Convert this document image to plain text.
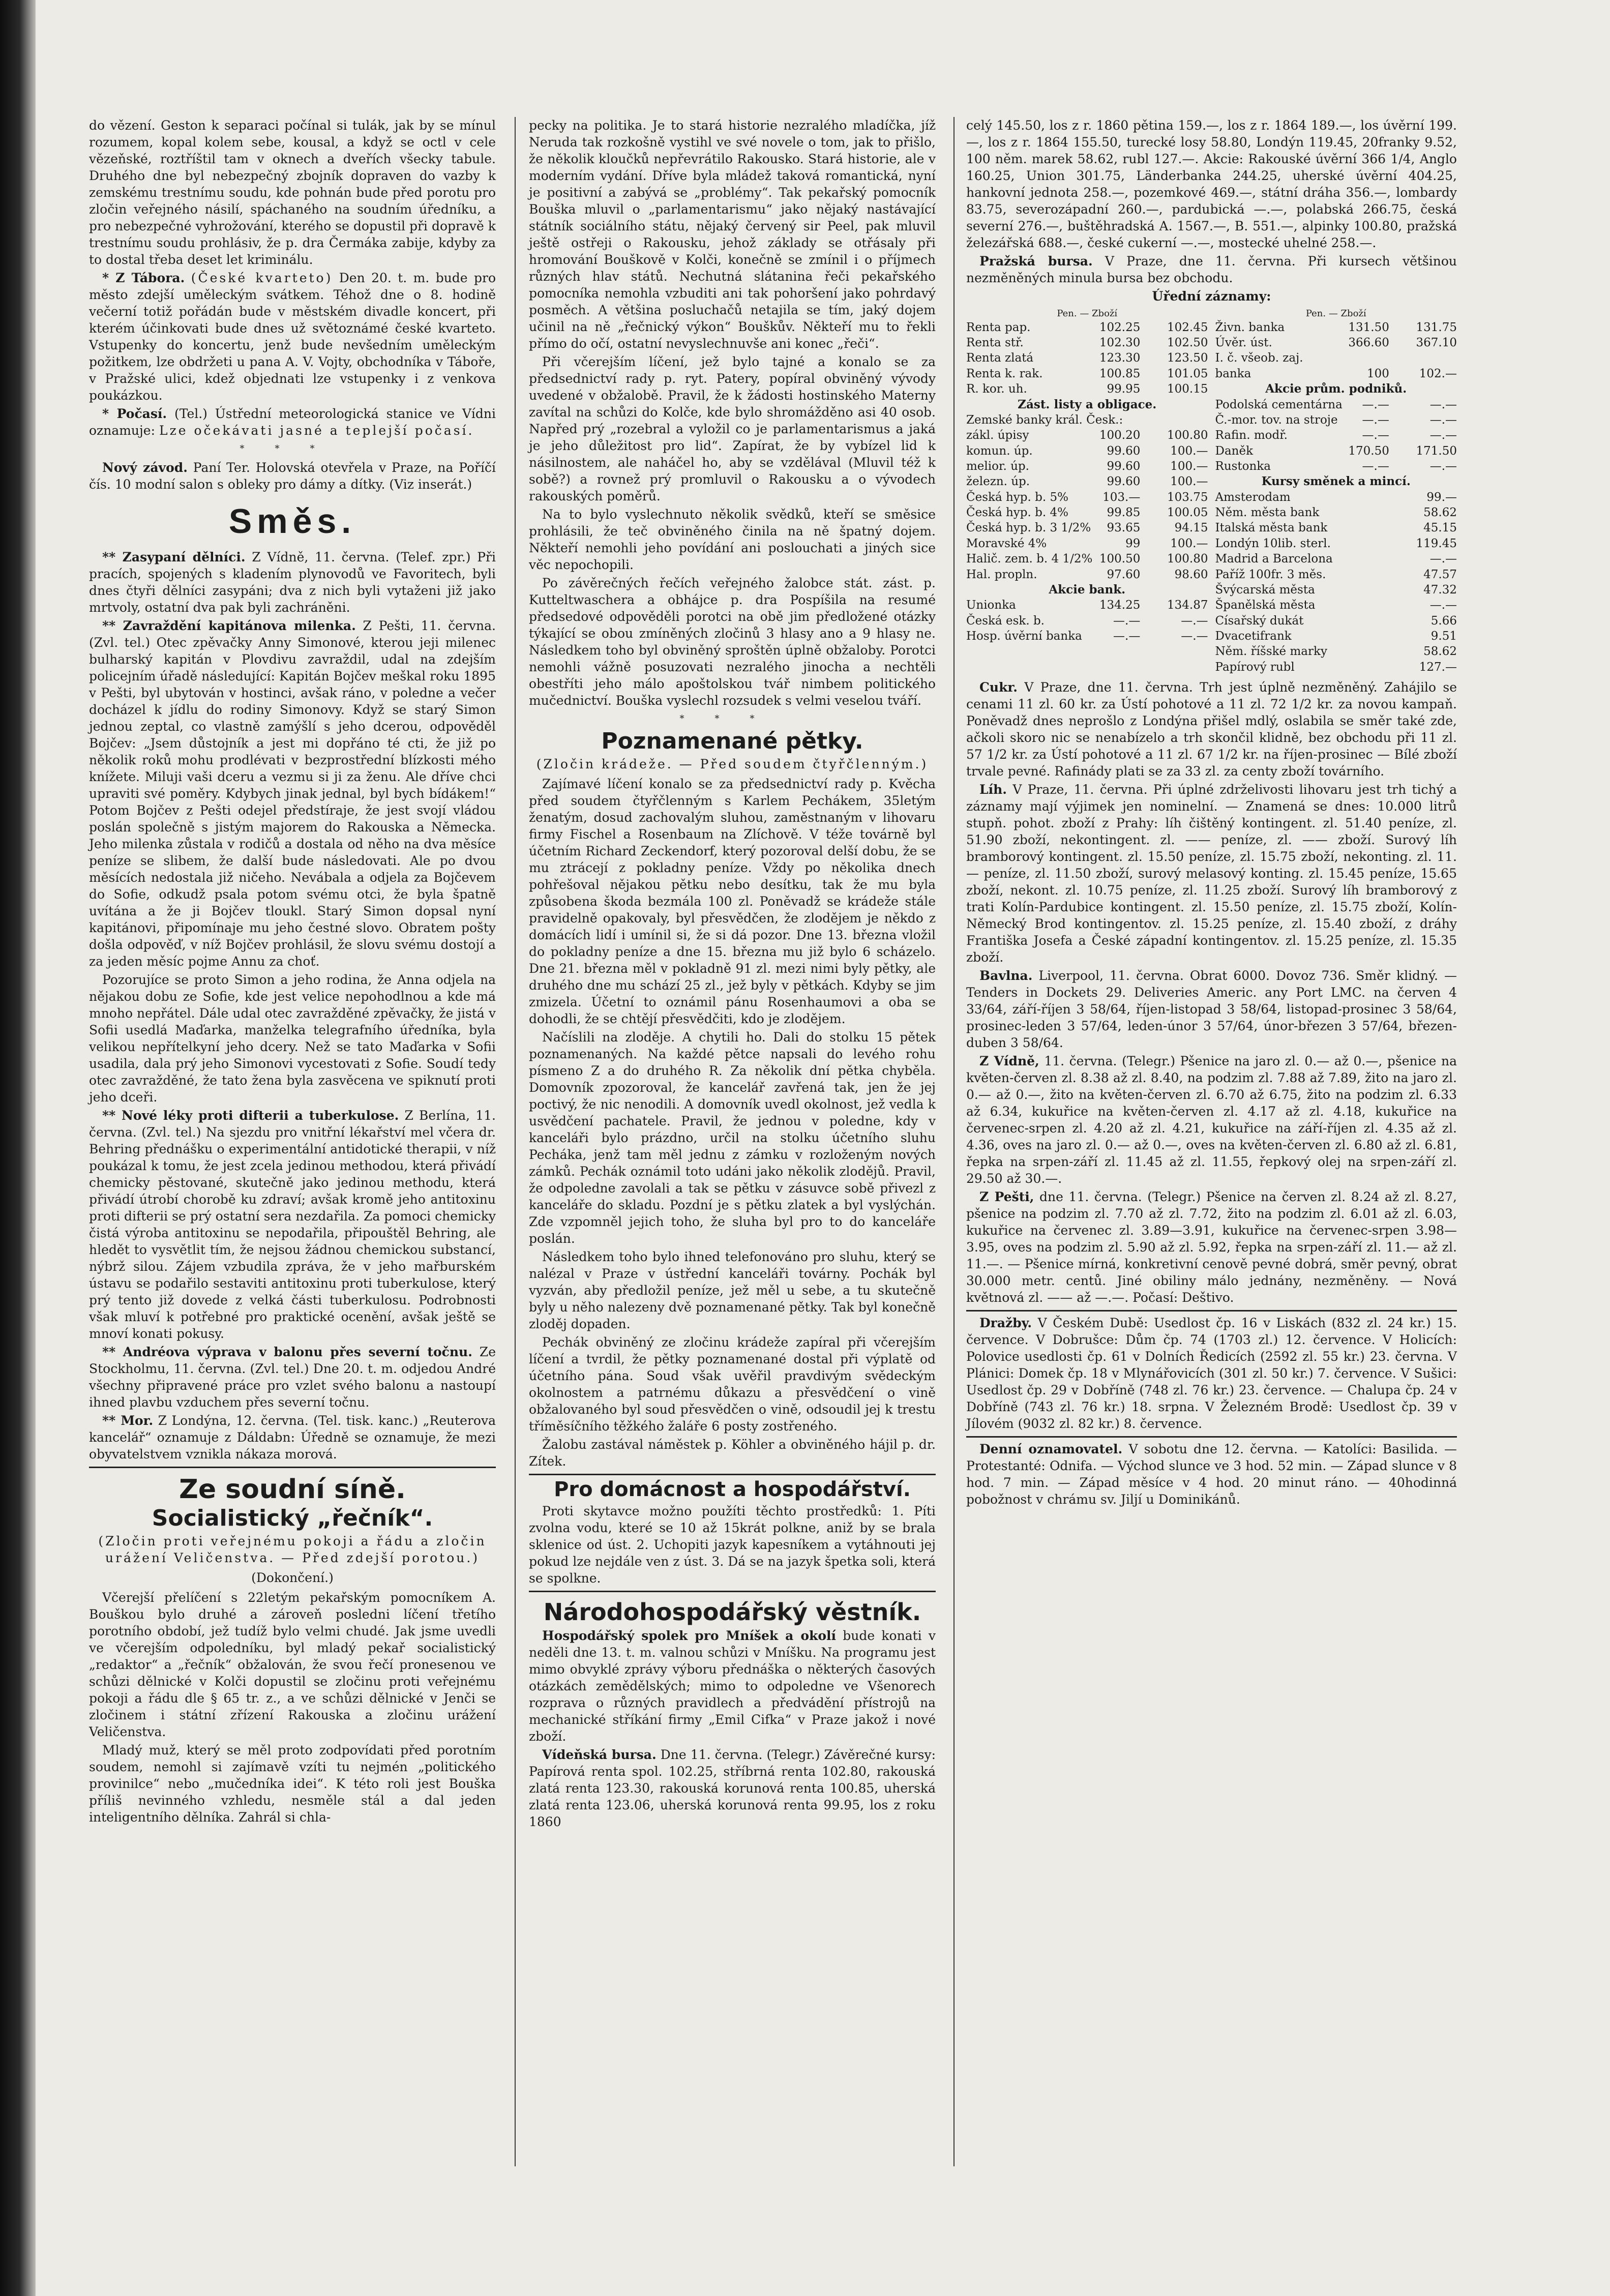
do vězení. Geston k separaci počínal si tulák, jak by se mínul rozumem, kopal kolem sebe, kousal, a když se octl v cele vězeňské, roztříštil tam v oknech a dveřích všecky tabule. Druhého dne byl nebezpečný zbojník dopraven do vazby k zemskému trestnímu soudu, kde pohnán bude před porotu pro zločin veřejného násilí, spáchaného na soudním úředníku, a pro nebezpečné vyhrožování, kterého se dopustil při dopravě k trestnímu soudu prohlásiv, že p. dra Čermáka zabije, kdyby za to dostal třeba deset let kriminálu.

* Z Tábora. (České kvarteto) Den 20. t. m. bude pro město zdejší uměleckým svátkem. Téhož dne o 8. hodině večerní totiž pořádán bude v městském divadle koncert, při kterém účinkovati bude dnes už světoznámé české kvarteto. Vstupenky do koncertu, jenž bude nevšedním uměleckým požitkem, lze obdržeti u pana A. V. Vojty, obchodníka v Táboře, v Pražské ulici, kdež objednati lze vstupenky i z venkova poukázkou.

* Počasí. (Tel.) Ústřední meteorologická stanice ve Vídni oznamuje: Lze očekávati jasné a teplejší počasí.

***

Nový závod. Paní Ter. Holovská otevřela v Praze, na Poříčí čís. 10 modní salon s obleky pro dámy a dítky. (Viz inserát.)

Směs.

** Zasypaní dělníci. Z Vídně, 11. června. (Telef. zpr.) Při pracích, spojených s kladením plynovodů ve Favoritech, byli dnes čtyři dělníci zasypáni; dva z nich byli vytaženi již jako mrtvoly, ostatní dva pak byli zachráněni.

** Zavraždění kapitánova milenka. Z Pešti, 11. června. (Zvl. tel.) Otec zpěvačky Anny Simonové, kterou jeji milenec bulharský kapitán v Plovdivu zavraždil, udal na zdejším policejním úřadě následující: Kapitán Bojčev meškal roku 1895 v Pešti, byl ubytován v hostinci, avšak ráno, v poledne a večer docházel k jídlu do rodiny Simonovy. Když se starý Simon jednou zeptal, co vlastně zamýšlí s jeho dcerou, odpověděl Bojčev: „Jsem důstojník a jest mi dopřáno té cti, že již po několik roků mohu prodlévati v bezprostřední blízkosti mého knížete. Miluji vaši dceru a vezmu si ji za ženu. Ale dříve chci upraviti své poměry. Kdybych jinak jednal, byl bych bídákem!“ Potom Bojčev z Pešti odejel předstíraje, že jest svojí vládou poslán společně s jistým majorem do Rakouska a Německa. Jeho milenka zůstala v rodičů a dostala od něho na dva měsíce peníze se slibem, že další bude následovati. Ale po dvou měsících nedostala již ničeho. Nevábala a odjela za Bojčevem do Sofie, odkudž psala potom svému otci, že byla špatně uvítána a že ji Bojčev tloukl. Starý Simon dopsal nyní kapitánovi, připomínaje mu jeho čestné slovo. Obratem pošty došla odpověď, v níž Bojčev prohlásil, že slovu svému dostojí a za jeden měsíc pojme Annu za choť.

Pozorujíce se proto Simon a jeho rodina, že Anna odjela na nějakou dobu ze Sofie, kde jest velice nepohodlnou a kde má mnoho nepřátel. Dále udal otec zavražděné zpěvačky, že jistá v Sofii usedlá Maďarka, manželka telegrafního úředníka, byla velikou nepřítelkyní jeho dcery. Než se tato Maďarka v Sofii usadila, dala prý jeho Simonovi vycestovati z Sofie. Soudí tedy otec zavražděné, že tato žena byla zasvěcena ve spiknutí proti jeho dceři.

** Nové léky proti difterii a tuberkulose. Z Berlína, 11. června. (Zvl. tel.) Na sjezdu pro vnitřní lékařství mel včera dr. Behring přednášku o experimentální antidotické therapii, v níž poukázal k tomu, že jest zcela jedinou methodou, která přivádí chemicky pěstované, skutečně jako jedinou methodu, která přivádí útrobí chorobě ku zdraví; avšak kromě jeho antitoxinu proti difterii se prý ostatní sera nezdařila. Za pomoci chemicky čistá výroba antitoxinu se nepodařila, připouštěl Behring, ale hledět to vysvětlit tím, že nejsou žádnou chemickou substancí, nýbrž silou. Zájem vzbudila zpráva, že v jeho mařburském ústavu se podařilo sestaviti antitoxinu proti tuberkulose, který prý tento již dovede z velká části tuberkulosu. Podrobnosti však mluví k potřebné pro praktické ocenění, avšak ještě se mnoví konati pokusy.

** Andréova výprava v balonu přes severní točnu. Ze Stockholmu, 11. června. (Zvl. tel.) Dne 20. t. m. odjedou André všechny připravené práce pro vzlet svého balonu a nastoupí ihned plavbu vzduchem přes severní točnu.

** Mor. Z Londýna, 12. června. (Tel. tisk. kanc.) „Reuterova kancelář“ oznamuje z Dáldabn: Úředně se oznamuje, že mezi obyvatelstvem vznikla nákaza morová.

Ze soudní síně.
Socialistický „řečník“.
(Zločin proti veřejnému pokoji a řádu a zločin urážení Veličenstva. — Před zdejší porotou.)
(Dokončení.)

Včerejší přelíčení s 22letým pekařským pomocníkem A. Bouškou bylo druhé a zároveň posledni líčení třetího porotního období, jež tudíž bylo velmi chudé. Jak jsme uvedli ve včerejším odpoledníku, byl mladý pekař socialistický „redaktor“ a „řečník“ obžalován, že svou řečí pronesenou ve schůzi dělnické v Kolči dopustil se zločinu proti veřejnému pokoji a řádu dle § 65 tr. z., a ve schůzi dělnické v Jenči se zločinem i státní zřízení Rakouska a zločinu urážení Veličenstva.

Mladý muž, který se měl proto zodpovídati před porotním soudem, nemohl si zajímavě vzíti tu nejmén „politického provinilce“ nebo „mučedníka idei“. K této roli jest Bouška příliš nevinného vzhledu, nesměle stál a dal jeden inteligentního dělníka. Zahrál si chla-

pecky na politika. Je to stará historie nezralého mladíčka, jíž Neruda tak rozkošně vystihl ve své novele o tom, jak to přišlo, že několik kloučků nepřevrátilo Rakousko. Stará historie, ale v moderním vydání. Dříve byla mládež taková romantická, nyní je positivní a zabývá se „problémy“. Tak pekařský pomocník Bouška mluvil o „parlamentarismu“ jako nějaký nastávající státník sociálního státu, nějaký červený sir Peel, pak mluvil ještě ostřeji o Rakousku, jehož základy se otřásaly při hromování Bouškově v Kolči, konečně se zmínil i o příjmech různých hlav států. Nechutná slátanina řeči pekařského pomocníka nemohla vzbuditi ani tak pohoršení jako pohrdavý posměch. A většina posluchačů netajila se tím, jaký dojem učinil na ně „řečnický výkon“ Bouškův. Někteří mu to řekli přímo do očí, ostatní nevyslechnuvše ani konec „řeči“.

Při včerejším líčení, jež bylo tajné a konalo se za předsednictví rady p. ryt. Patery, popíral obviněný vývody uvedené v obžalobě. Pravil, že k žádosti hostinského Materny zavítal na schůzi do Kolče, kde bylo shromážděno asi 40 osob. Napřed prý „rozebral a vyložil co je parlamentarismus a jaká je jeho důležitost pro lid“. Zapírat, že by vybízel lid k násilnostem, ale naháčel ho, aby se vzdělával (Mluvil též k sobě?) a rovnež prý promluvil o Rakousku a o vývodech rakouských poměrů.

Na to bylo vyslechnuto několik svědků, kteří se směsice prohlásili, že teč obviněného činila na ně špatný dojem. Někteří nemohli jeho povídání ani poslouchati a jiných sice věc nepochopili.

Po závěrečných řečích veřejného žalobce stát. zást. p. Kutteltwaschera a obhájce p. dra Pospíšila na resumé předsedové odpověděli porotci na obě jim předložené otázky týkající se obou zmíněných zločinů 3 hlasy ano a 9 hlasy ne. Následkem toho byl obviněný sproštěn úplně obžaloby. Porotci nemohli vážně posuzovati nezralého jinocha a nechtěli obestříti jeho málo apoštolskou tvář nimbem politického mučednictví. Bouška vyslechl rozsudek s velmi veselou tváří.

***
Poznamenané pětky.
(Zločin krádeže. — Před soudem čtyřčlenným.)

Zajímavé líčení konalo se za předsednictví rady p. Kvěcha před soudem čtyřčlenným s Karlem Pechákem, 35letým ženatým, dosud zachovalým sluhou, zaměstnaným v lihovaru firmy Fischel a Rosenbaum na Zlíchově. V téže továrně byl účetním Richard Zeckendorf, který pozoroval delší dobu, že se mu ztrácejí z pokladny peníze. Vždy po několika dnech pohřešoval nějakou pětku nebo desítku, tak že mu byla způsobena škoda bezmála 100 zl. Poněvadž se krádeže stále pravidelně opakovaly, byl přesvědčen, že zlodějem je někdo z domácích lidí i umínil si, že si dá pozor. Dne 13. března vložil do pokladny peníze a dne 15. března mu již bylo 6 scházelo. Dne 21. března měl v pokladně 91 zl. mezi nimi byly pětky, ale druhého dne mu schází 25 zl., jež byly v pětkách. Kdyby se jim zmizela. Účetní to oznámil pánu Rosenhaumovi a oba se dohodli, že se chtějí přesvědčiti, kdo je zlodějem.

Načíslili na zloděje. A chytili ho. Dali do stolku 15 pětek poznamenaných. Na každé pětce napsali do levého rohu písmeno Z a do druhého R. Za několik dní pětka chyběla. Domovník zpozoroval, že kancelář zavřená tak, jen že jej poctivý, že nic nenodili. A domovník uvedl okolnost, jež vedla k usvědčení pachatele. Pravil, že jednou v poledne, kdy v kanceláři bylo prázdno, určil na stolku účetního sluhu Pecháka, jenž tam měl jednu z zámku v rozloženým nových zámků. Pechák oznámil toto udáni jako několik zlodějů. Pravil, že odpoledne zavolali a tak se pětku v zásuvce sobě přivezl z kanceláře do skladu. Pozdní je s pětku zlatek a byl vyslýchán. Zde vzpomněl jejich toho, že sluha byl pro to do kanceláře poslán.

Následkem toho bylo ihned telefonováno pro sluhu, který se nalézal v Praze v ústřední kanceláři továrny. Pochák byl vyzván, aby předložil peníze, jež měl u sebe, a tu skutečně byly u něho nalezeny dvě poznamenané pětky. Tak byl konečně zloděj dopaden.

Pechák obviněný ze zločinu krádeže zapíral při včerejším líčení a tvrdil, že pětky poznamenané dostal při výplatě od účetního pána. Soud však uvěřil pravdivým svědeckým okolnostem a patrnému důkazu a přesvědčení o vině obžalovaného byl soud přesvědčen o vině, odsoudil jej k trestu tříměsíčního těžkého žaláře 6 posty zostřeného.

Žalobu zastával náměstek p. Köhler a obviněného hájil p. dr. Zítek.

Pro domácnost a hospodářství.

Proti skytavce možno použíti těchto prostředků: 1. Píti zvolna vodu, které se 10 až 15krát polkne, aniž by se brala sklenice od úst. 2. Uchopiti jazyk kapesníkem a vytáhnouti jej pokud lze nejdále ven z úst. 3. Dá se na jazyk špetka soli, která se spolkne.

Národohospodářský věstník.

Hospodářský spolek pro Mníšek a okolí bude konati v neděli dne 13. t. m. valnou schůzi v Mníšku. Na programu jest mimo obvyklé zprávy výboru přednáška o některých časových otázkách zemědělských; mimo to odpoledne ve Všenorech rozprava o různých pravidlech a předvádění přístrojů na mechanické stříkání firmy „Emil Cifka“ v Praze jakož i nové zboží.

Vídeňská bursa. Dne 11. června. (Telegr.) Závěrečné kursy: Papírová renta spol. 102.25, stříbrná renta 102.80, rakouská zlatá renta 123.30, rakouská korunová renta 100.85, uherská zlatá renta 123.06, uherská korunová renta 99.95, los z roku 1860

celý 145.50, los z r. 1860 pětina 159.—, los z r. 1864 189.—, los úvěrní 199.—, los z r. 1864 155.50, turecké losy 58.80, Londýn 119.45, 20franky 9.52, 100 něm. marek 58.62, rubl 127.—. Akcie: Rakouské úvěrní 366 1/4, Anglo 160.25, Union 301.75, Länderbanka 244.25, uherské úvěrní 404.25, hankovní jednota 258.—, pozemkové 469.—, státní dráha 356.—, lombardy 83.75, severozápadní 260.—, pardubická —.—, polabská 266.75, česká severní 276.—, buštěhradská A. 1567.—, B. 551.—, alpinky 100.80, pražská železářská 688.—, české cukerní —.—, mostecké uhelné 258.—.

Pražská bursa. V Praze, dne 11. června. Při kursech většinou nezměněných minula bursa bez obchodu.

Úřední záznamy:
Pen. — Zboží
Renta pap.	102.25	102.45
Renta stř.	102.30	102.50
Renta zlatá	123.30	123.50
Renta k. rak.	100.85	101.05
R. kor. uh.	99.95	100.15
Zást. listy a obligace.
Zemské banky král. Česk.:
zákl. úpisy	100.20	100.80
komun. úp.	99.60	100.—
melior. úp.	99.60	100.—
železn. úp.	99.60	100.—
Česká hyp. b. 5%	103.—	103.75
Česká hyp. b. 4%	99.85	100.05
Česká hyp. b. 3 1/2%	93.65	94.15
Moravské 4%	99	100.—
Halič. zem. b. 4 1/2% 100.50	100.80
Hal. propln.	97.60	98.60
Akcie bank.
Unionka	134.25	134.87
Česká esk. b.	—.—	—.—
Hosp. úvěrní banka	—.—	—.—
Pen. — Zboží
Živn. banka	131.50	131.75
Úvěr. úst.	366.60	367.10
I. č. všeob. zaj.
banka	100	102.—
Akcie prům. podniků.
Podolská cementárna	—.—	—.—
Č.-mor. tov. na stroje	—.—	—.—
Rafin. modř.	—.—	—.—
Daněk	170.50	171.50
Rustonka	—.—	—.—
Kursy směnek a mincí.
Amsterodam	99.—
Něm. města bank	58.62
Italská města bank	45.15
Londýn 10lib. sterl.	119.45
Madrid a Barcelona	—.—
Paříž 100fr. 3 měs.	47.57
Švýcarská města	47.32
Španělská města	—.—
Císařský dukát	5.66
Dvacetifrank	9.51
Něm. říšské marky	58.62
Papírový rubl	127.—

Cukr. V Praze, dne 11. června. Trh jest úplně nezměněný. Zahájilo se cenami 11 zl. 60 kr. za Ústí pohotové a 11 zl. 72 1/2 kr. za novou kampaň. Poněvadž dnes neprošlo z Londýna přišel mdlý, oslabila se směr také zde, ačkoli skoro nic se nenabízelo a trh skončil klidně, bez obchodu při 11 zl. 57 1/2 kr. za Ústí pohotové a 11 zl. 67 1/2 kr. na říjen-prosinec — Bílé zboží trvale pevné. Rafinády plati se za 33 zl. za centy zboží továrního.

Líh. V Praze, 11. června. Při úplné zdrželivosti lihovaru jest trh tichý a záznamy mají výjimek jen nominelní. — Znamená se dnes: 10.000 litrů stupň. pohot. zboží z Prahy: líh čištěný kontingent. zl. 51.40 peníze, zl. 51.90 zboží, nekontingent. zl. —— peníze, zl. —— zboží. Surový líh bramborový kontingent. zl. 15.50 peníze, zl. 15.75 zboží, nekonting. zl. 11.— peníze, zl. 11.50 zboží, surový melasový konting. zl. 15.45 peníze, 15.65 zboží, nekont. zl. 10.75 peníze, zl. 11.25 zboží. Surový líh bramborový z trati Kolín-Pardubice kontingent. zl. 15.50 peníze, zl. 15.75 zboží, Kolín-Německý Brod kontingentov. zl. 15.25 peníze, zl. 15.40 zboží, z dráhy Františka Josefa a České západní kontingentov. zl. 15.25 peníze, zl. 15.35 zboží.

Bavlna. Liverpool, 11. června. Obrat 6000. Dovoz 736. Směr klidný. — Tenders in Dockets 29. Deliveries Americ. any Port LMC. na červen 4 33/64, září-říjen 3 58/64, říjen-listopad 3 58/64, listopad-prosinec 3 58/64, prosinec-leden 3 57/64, leden-únor 3 57/64, únor-březen 3 57/64, březen-duben 3 58/64.

Z Vídně, 11. června. (Telegr.) Pšenice na jaro zl. 0.— až 0.—, pšenice na květen-červen zl. 8.38 až zl. 8.40, na podzim zl. 7.88 až 7.89, žito na jaro zl. 0.— až 0.—, žito na květen-červen zl. 6.70 až 6.75, žito na podzim zl. 6.33 až 6.34, kukuřice na květen-červen zl. 4.17 až zl. 4.18, kukuřice na červenec-srpen zl. 4.20 až zl. 4.21, kukuřice na září-říjen zl. 4.35 až zl. 4.36, oves na jaro zl. 0.— až 0.—, oves na květen-červen zl. 6.80 až zl. 6.81, řepka na srpen-září zl. 11.45 až zl. 11.55, řepkový olej na srpen-září zl. 29.50 až 30.—.

Z Pešti, dne 11. června. (Telegr.) Pšenice na červen zl. 8.24 až zl. 8.27, pšenice na podzim zl. 7.70 až zl. 7.72, žito na podzim zl. 6.01 až zl. 6.03, kukuřice na červenec zl. 3.89—3.91, kukuřice na červenec-srpen 3.98—3.95, oves na podzim zl. 5.90 až zl. 5.92, řepka na srpen-září zl. 11.— až zl. 11.—. — Pšenice mírná, konkretivní cenově pevné dobrá, směr pevný, obrat 30.000 metr. centů. Jiné obiliny málo jednány, nezměněny. — Nová květnová zl. —— až —.—. Počasí: Deštivo.

Dražby. V Českém Dubě: Usedlost čp. 16 v Liskách (832 zl. 24 kr.) 15. července. V Dobrušce: Dům čp. 74 (1703 zl.) 12. července. V Holicích: Polovice usedlosti čp. 61 v Dolních Ředicích (2592 zl. 55 kr.) 23. června. V Plánici: Domek čp. 18 v Mlynářovicích (301 zl. 50 kr.) 7. července. V Sušici: Usedlost čp. 29 v Dobříně (748 zl. 76 kr.) 23. července. — Chalupa čp. 24 v Dobříně (743 zl. 76 kr.) 18. srpna. V Železném Brodě: Usedlost čp. 39 v Jílovém (9032 zl. 82 kr.) 8. července.

Denní oznamovatel. V sobotu dne 12. června. — Katolíci: Basilida. — Protestanté: Odnifa. — Východ slunce ve 3 hod. 52 min. — Západ slunce v 8 hod. 7 min. — Západ měsíce v 4 hod. 20 minut ráno. — 40hodinná pobožnost v chrámu sv. Jiljí u Dominikánů.
